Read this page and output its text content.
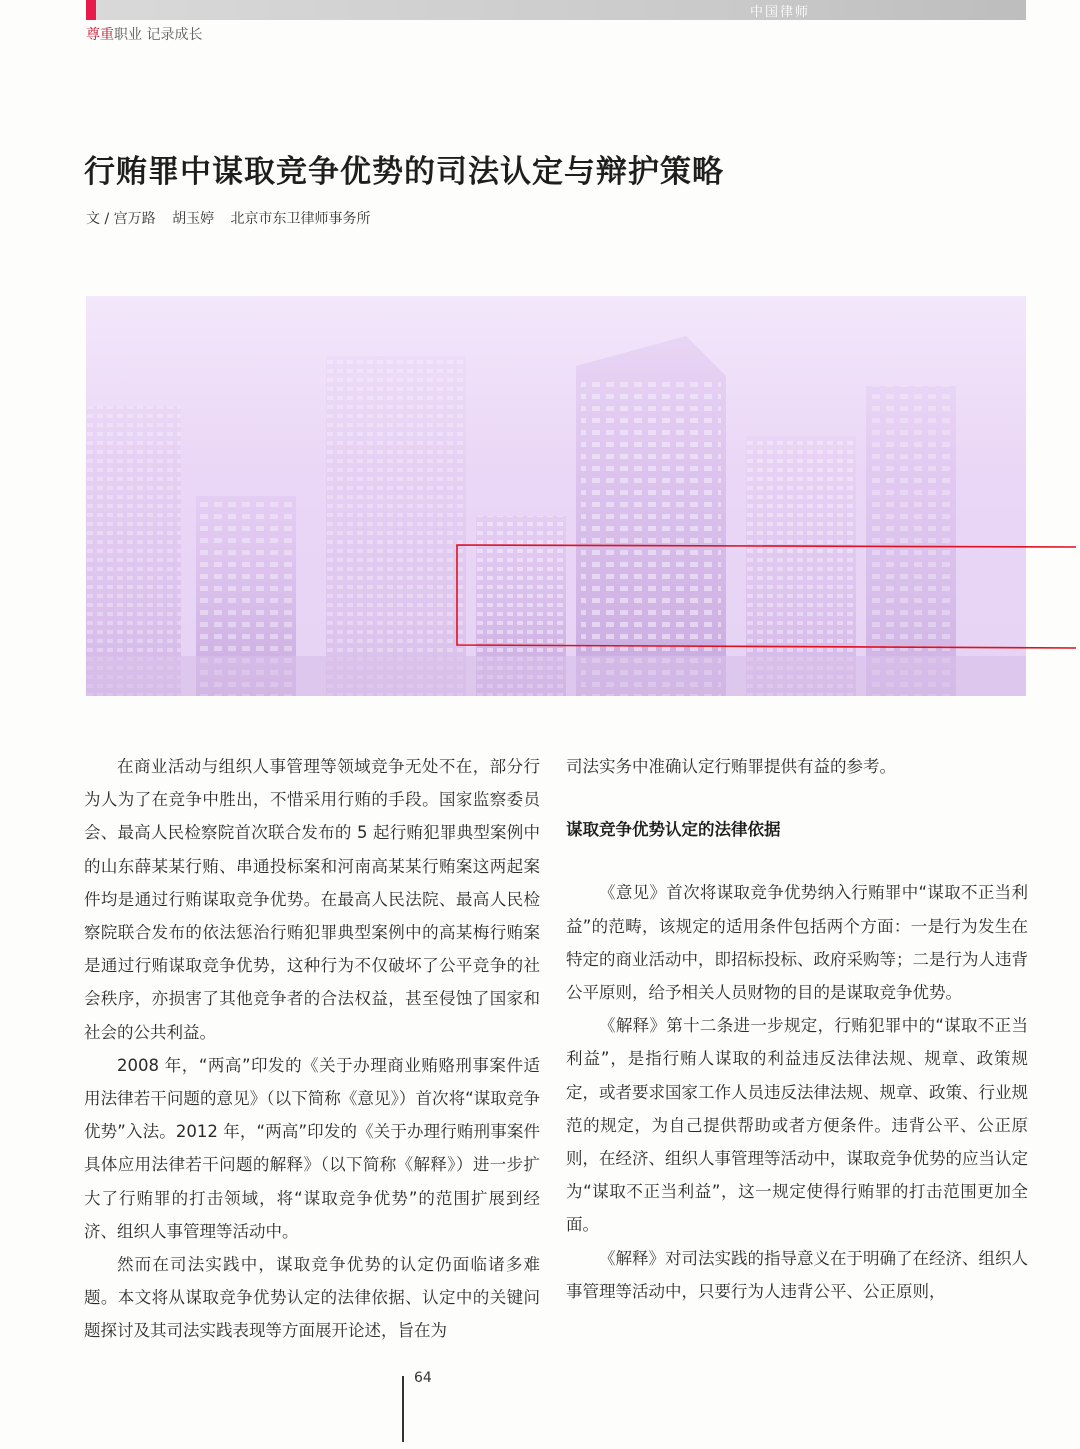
中国律师
尊重职业 记录成长
行贿罪中谋取竞争优势的司法认定与辩护策略
文 / 宫万路 胡玉婷 北京市东卫律师事务所

在商业活动与组织人事管理等领域竞争无处不在，部分行为人为了在竞争中胜出，不惜采用行贿的手段。国家监察委员会、最高人民检察院首次联合发布的 5 起行贿犯罪典型案例中的山东薛某某行贿、串通投标案和河南高某某行贿案这两起案件均是通过行贿谋取竞争优势。在最高人民法院、最高人民检察院联合发布的依法惩治行贿犯罪典型案例中的高某梅行贿案是通过行贿谋取竞争优势，这种行为不仅破坏了公平竞争的社会秩序，亦损害了其他竞争者的合法权益，甚至侵蚀了国家和社会的公共利益。

2008 年，“两高”印发的《关于办理商业贿赂刑事案件适用法律若干问题的意见》（以下简称《意见》）首次将“谋取竞争优势”入法。2012 年，“两高”印发的《关于办理行贿刑事案件具体应用法律若干问题的解释》（以下简称《解释》）进一步扩大了行贿罪的打击领域，将“谋取竞争优势”的范围扩展到经济、组织人事管理等活动中。

然而在司法实践中，谋取竞争优势的认定仍面临诸多难题。本文将从谋取竞争优势认定的法律依据、认定中的关键问题探讨及其司法实践表现等方面展开论述，旨在为

司法实务中准确认定行贿罪提供有益的参考。

谋取竞争优势认定的法律依据

《意见》首次将谋取竞争优势纳入行贿罪中“谋取不正当利益”的范畴，该规定的适用条件包括两个方面：一是行为发生在特定的商业活动中，即招标投标、政府采购等；二是行为人违背公平原则，给予相关人员财物的目的是谋取竞争优势。

《解释》第十二条进一步规定，行贿犯罪中的“谋取不正当利益”，是指行贿人谋取的利益违反法律法规、规章、政策规定，或者要求国家工作人员违反法律法规、规章、政策、行业规范的规定，为自己提供帮助或者方便条件。违背公平、公正原则，在经济、组织人事管理等活动中，谋取竞争优势的应当认定为“谋取不正当利益”，这一规定使得行贿罪的打击范围更加全面。

《解释》对司法实践的指导意义在于明确了在经济、组织人事管理等活动中，只要行为人违背公平、公正原则，

64
